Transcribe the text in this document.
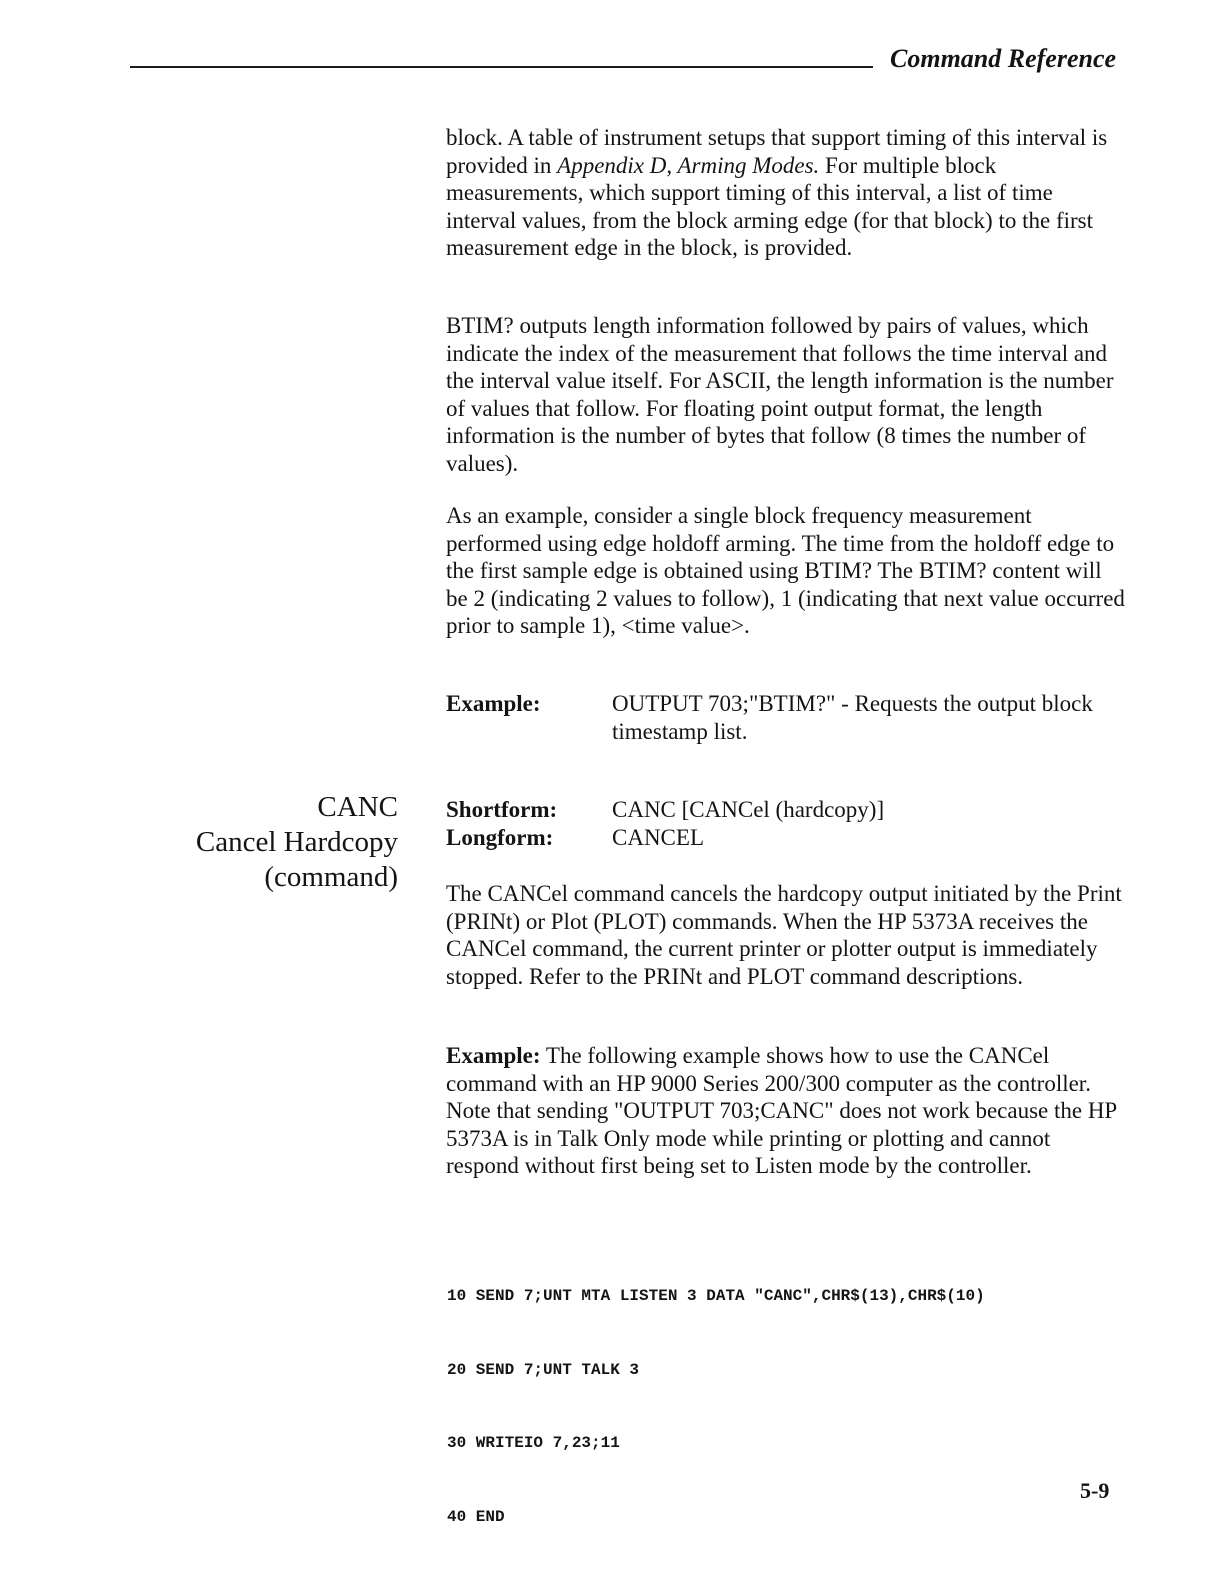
Command Reference

block. A table of instrument setups that support timing of this interval is provided in Appendix D, Arming Modes. For multiple block measurements, which support timing of this interval, a list of time interval values, from the block arming edge (for that block) to the first measurement edge in the block, is provided.

BTIM? outputs length information followed by pairs of values, which indicate the index of the measurement that follows the time interval and the interval value itself. For ASCII, the length information is the number of values that follow. For floating point output format, the length information is the number of bytes that follow (8 times the number of values).

As an example, consider a single block frequency measurement performed using edge holdoff arming. The time from the holdoff edge to the first sample edge is obtained using BTIM? The BTIM? content will be 2 (indicating 2 values to follow), 1 (indicating that next value occurred prior to sample 1), <time value>.

Example:	OUTPUT 703;"BTIM?" - Requests the output block timestamp list.
CANC
Cancel Hardcopy
(command)
Shortform: CANC [CANCel (hardcopy)]
Longform:	CANCEL

The CANCel command cancels the hardcopy output initiated by the Print (PRINt) or Plot (PLOT) commands. When the HP 5373A receives the CANCel command, the current printer or plotter output is immediately stopped. Refer to the PRINt and PLOT command descriptions.

Example: The following example shows how to use the CANCel command with an HP 9000 Series 200/300 computer as the controller. Note that sending "OUTPUT 703;CANC" does not work because the HP 5373A is in Talk Only mode while printing or plotting and cannot respond without first being set to Listen mode by the controller.

10 SEND 7;UNT MTA LISTEN 3 DATA "CANC",CHR$(13),CHR$(10)

20 SEND 7;UNT TALK 3

30 WRITEIO 7,23;11

40 END

5-9
